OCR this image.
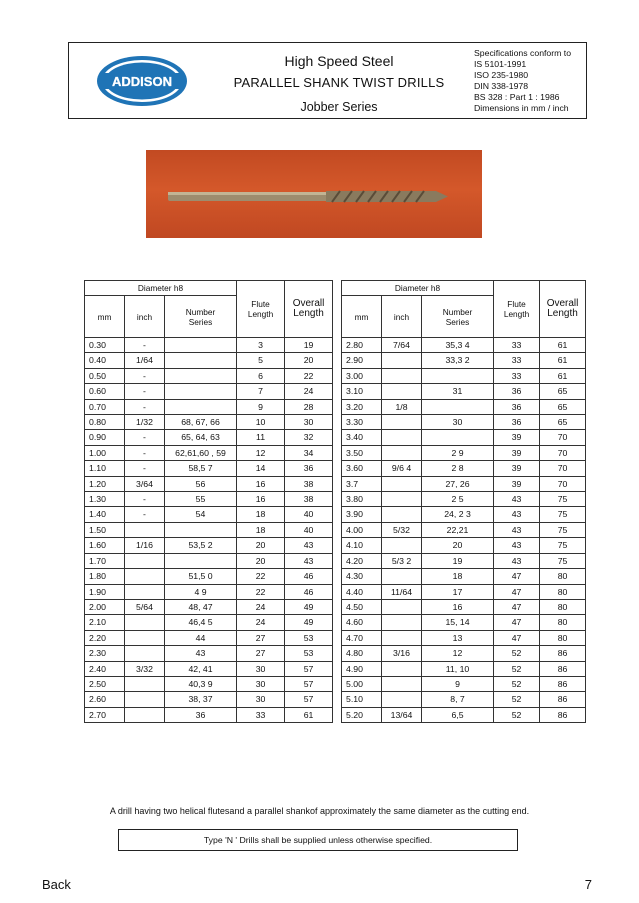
ADDISON
High Speed Steel
PARALLEL SHANK TWIST DRILLS
Jobber Series
Specifications conform to
IS 5101-1991
ISO 235-1980
DIN 338-1978
BS 328 : Part 1 : 1986
Dimensions in mm / inch
Diameter h8			Flute
Length	Overall
Length
mm	inch	Number
Series		
0.30	-		3	19
0.40	1/64		5	20
0.50	-		6	22
0.60	-		7	24
0.70	-		9	28
0.80	1/32	68, 67, 66	10	30
0.90	-	65, 64, 63	11	32
1.00	-	62,61,60 , 59	12	34
1.10	-	58,5 7	14	36
1.20	3/64	56	16	38
1.30	-	55	16	38
1.40	-	54	18	40
1.50			18	40
1.60	1/16	53,5 2	20	43
1.70			20	43
1.80		51,5 0	22	46
1.90		4 9	22	46
2.00	5/64	48, 47	24	49
2.10		46,4 5	24	49
2.20		44	27	53
2.30		43	27	53
2.40	3/32	42, 41	30	57
2.50		40,3 9	30	57
2.60		38, 37	30	57
2.70		36	33	61
Diameter h8			Flute
Length	Overall
Length
mm	inch	Number
Series		
2.80	7/64	35,3 4	33	61
2.90		33,3 2	33	61
3.00			33	61
3.10		31	36	65
3.20	1/8		36	65
3.30		30	36	65
3.40			39	70
3.50		2 9	39	70
3.60	9/6 4	2 8	39	70
3.7		27, 26	39	70
3.80		2 5	43	75
3.90		24, 2 3	43	75
4.00	5/32	22,21	43	75
4.10		20	43	75
4.20	5/3 2	19	43	75
4.30		18	47	80
4.40	11/64	17	47	80
4.50		16	47	80
4.60		15, 14	47	80
4.70		13	47	80
4.80	3/16	12	52	86
4.90		11, 10	52	86
5.00		9	52	86
5.10		8, 7	52	86
5.20	13/64	6,5	52	86
A drill having two helical flutesand a parallel shankof approximately the same diameter as the cutting end.
Type 'N ' Drills shall be supplied unless otherwise specified.
Back	7
